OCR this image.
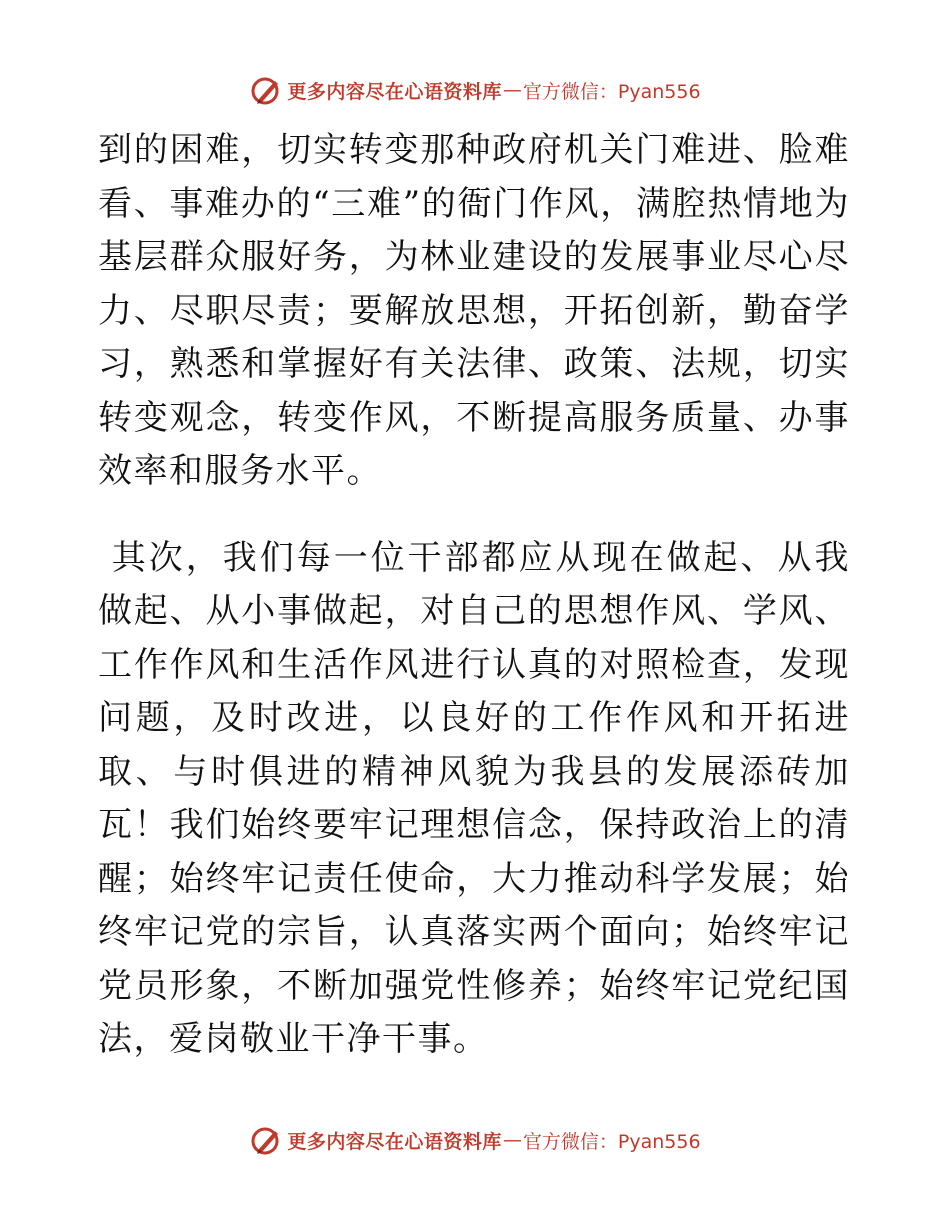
更多内容尽在心语资料库 — 官方微信：Pyan556

到的困难，切实转变那种政府机关门难进、脸难看、事难办的“三难”的衙门作风，满腔热情地为基层群众服好务，为林业建设的发展事业尽心尽力、尽职尽责；要解放思想，开拓创新，勤奋学习，熟悉和掌握好有关法律、政策、法规，切实转变观念，转变作风，不断提高服务质量、办事效率和服务水平。

其次，我们每一位干部都应从现在做起、从我做起、从小事做起，对自己的思想作风、学风、工作作风和生活作风进行认真的对照检查，发现问题，及时改进，以良好的工作作风和开拓进取、与时俱进的精神风貌为我县的发展添砖加瓦！我们始终要牢记理想信念，保持政治上的清醒；始终牢记责任使命，大力推动科学发展；始终牢记党的宗旨，认真落实两个面向；始终牢记党员形象，不断加强党性修养；始终牢记党纪国法，爱岗敬业干净干事。

更多内容尽在心语资料库 — 官方微信：Pyan556
